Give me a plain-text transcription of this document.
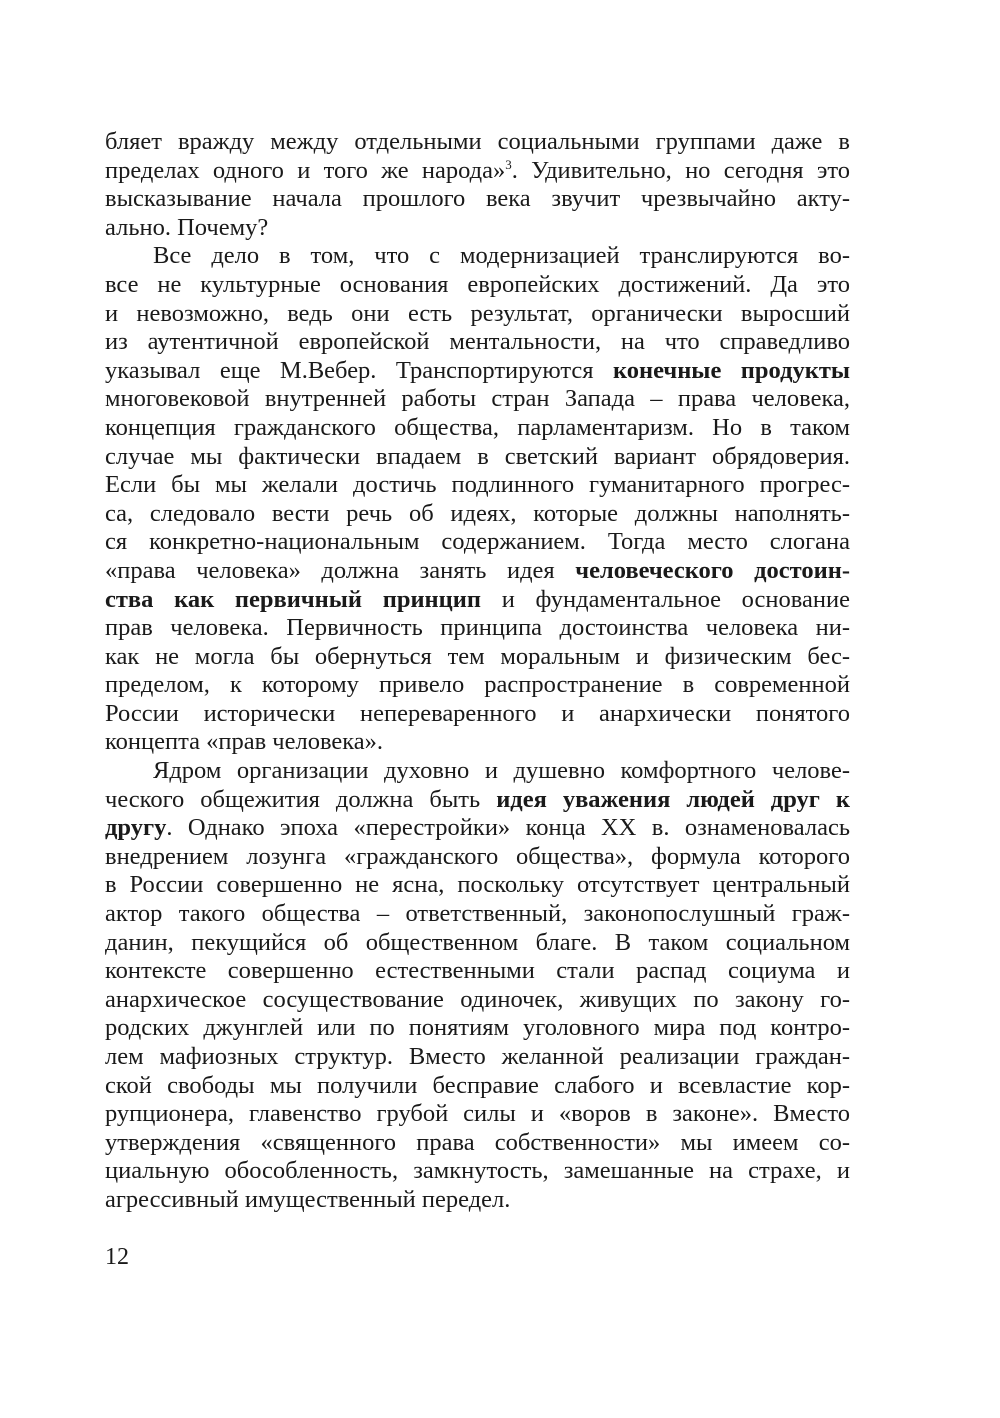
бляет вражду между отдельными социальными группами даже в
пределах одного и того же народа»$^3$. Удивительно, но сегодня это
высказывание начала прошлого века звучит чрезвычайно акту-
ально. Почему?
Все дело в том, что с модернизацией транслируются во-
все не культурные основания европейских достижений. Да это
и невозможно, ведь они есть результат, органически выросший
из аутентичной европейской ментальности, на что справедливо
указывал еще М.Вебер. Транспортируются конечные продукты
многовековой внутренней работы стран Запада – права человека,
концепция гражданского общества, парламентаризм. Но в таком
случае мы фактически впадаем в светский вариант обрядоверия.
Если бы мы желали достичь подлинного гуманитарного прогрес-
са, следовало вести речь об идеях, которые должны наполнять-
ся конкретно-национальным содержанием. Тогда место слогана
«права человека» должна занять идея человеческого достоин-
ства как первичный принцип и фундаментальное основание
прав человека. Первичность принципа достоинства человека ни-
как не могла бы обернуться тем моральным и физическим бес-
пределом, к которому привело распространение в современной
России исторически непереваренного и анархически понятого
концепта «прав человека».
Ядром организации духовно и душевно комфортного челове-
ческого общежития должна быть идея уважения людей друг к
другу. Однако эпоха «перестройки» конца XX в. ознаменовалась
внедрением лозунга «гражданского общества», формула которого
в России совершенно не ясна, поскольку отсутствует центральный
актор такого общества – ответственный, законопослушный граж-
данин, пекущийся об общественном благе. В таком социальном
контексте совершенно естественными стали распад социума и
анархическое сосуществование одиночек, живущих по закону го-
родских джунглей или по понятиям уголовного мира под контро-
лем мафиозных структур. Вместо желанной реализации граждан-
ской свободы мы получили бесправие слабого и всевластие кор-
рупционера, главенство грубой силы и «воров в законе». Вместо
утверждения «священного права собственности» мы имеем со-
циальную обособленность, замкнутость, замешанные на страхе, и
агрессивный имущественный передел.
12
